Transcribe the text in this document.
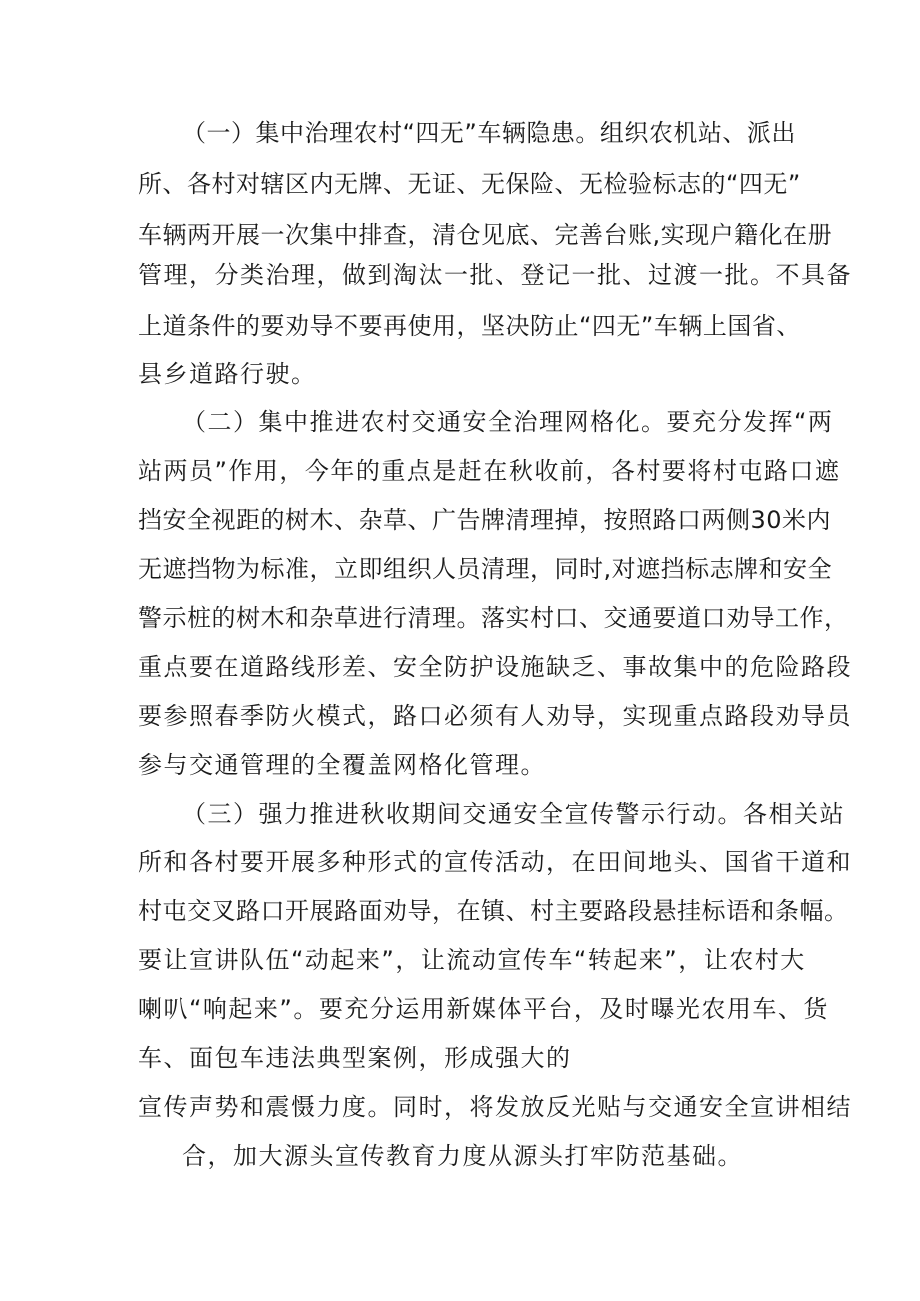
（一）集中治理农村“四无”车辆隐患。组织农机站、派出
所、各村对辖区内无牌、无证、无保险、无检验标志的“四无”
车辆两开展一次集中排查，清仓见底、完善台账,实现户籍化在册
管理，分类治理，做到淘汰一批、登记一批、过渡一批。不具备
上道条件的要劝导不要再使用，坚决防止“四无”车辆上国省、
县乡道路行驶。
（二）集中推进农村交通安全治理网格化。要充分发挥“两
站两员”作用，今年的重点是赶在秋收前，各村要将村屯路口遮
挡安全视距的树木、杂草、广告牌清理掉，按照路口两侧30米内
无遮挡物为标准，立即组织人员清理，同时,对遮挡标志牌和安全
警示桩的树木和杂草进行清理。落实村口、交通要道口劝导工作，
重点要在道路线形差、安全防护设施缺乏、事故集中的危险路段
要参照春季防火模式，路口必须有人劝导，实现重点路段劝导员
参与交通管理的全覆盖网格化管理。
（三）强力推进秋收期间交通安全宣传警示行动。各相关站
所和各村要开展多种形式的宣传活动，在田间地头、国省干道和
村屯交叉路口开展路面劝导，在镇、村主要路段悬挂标语和条幅。
要让宣讲队伍“动起来”，让流动宣传车“转起来”，让农村大
喇叭“响起来”。要充分运用新媒体平台，及时曝光农用车、货
车、面包车违法典型案例，形成强大的
宣传声势和震慑力度。同时，将发放反光贴与交通安全宣讲相结
合，加大源头宣传教育力度从源头打牢防范基础。
